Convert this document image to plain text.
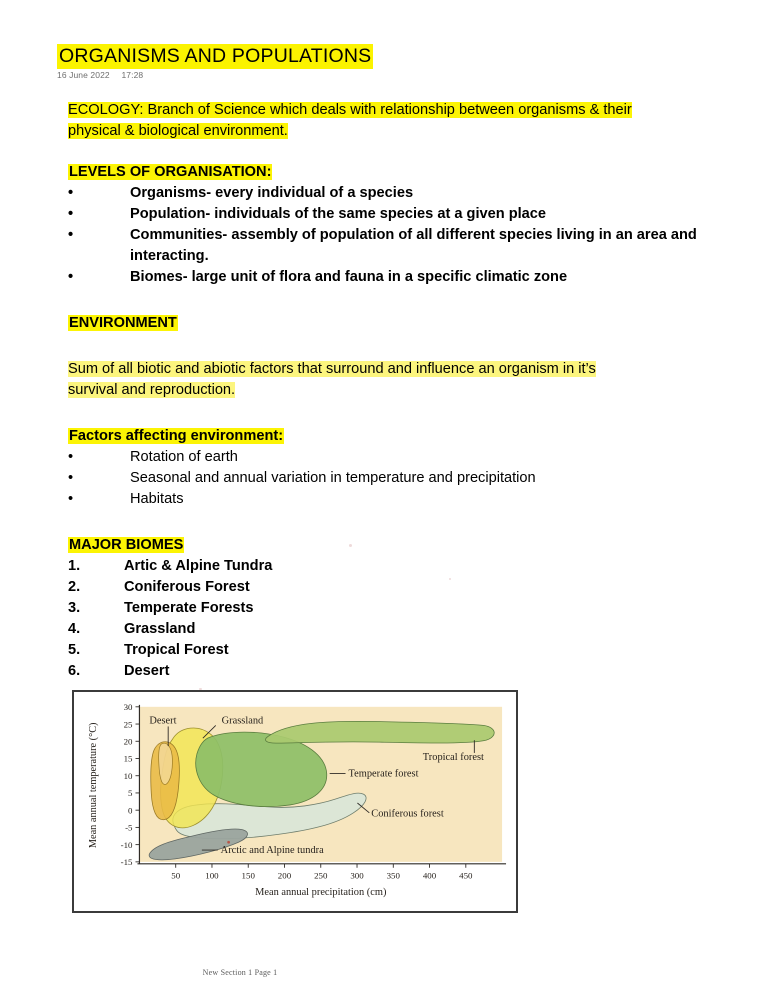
ORGANISMS AND POPULATIONS
16 June 2022 17:28
ECOLOGY: Branch of Science which deals with relationship between organisms & their
physical & biological environment.
LEVELS OF ORGANISATION:
•	Organisms- every individual of a species
•	Population- individuals of the same species at a given place
•	Communities- assembly of population of all different species living in an area and interacting.
•	Biomes- large unit of flora and fauna in a specific climatic zone
ENVIRONMENT
Sum of all biotic and abiotic factors that surround and influence an organism in it’s
survival and reproduction.
Factors affecting environment:
•	Rotation of earth
•	Seasonal and annual variation in temperature and precipitation
•	Habitats
MAJOR BIOMES
1.	Artic & Alpine Tundra
2.	Coniferous Forest
3.	Temperate Forests
4.	Grassland
5.	Tropical Forest
6.	Desert
30
25
20
15
10
5
0
-5
-10
-15
50	100	150	200	250	300	350	400	450
Desert	Grassland
Temperate forest
Tropical forest
Coniferous forest
Arctic and Alpine tundra
Mean annual precipitation (cm)
Mean annual temperature (°C)
New Section 1 Page 1
